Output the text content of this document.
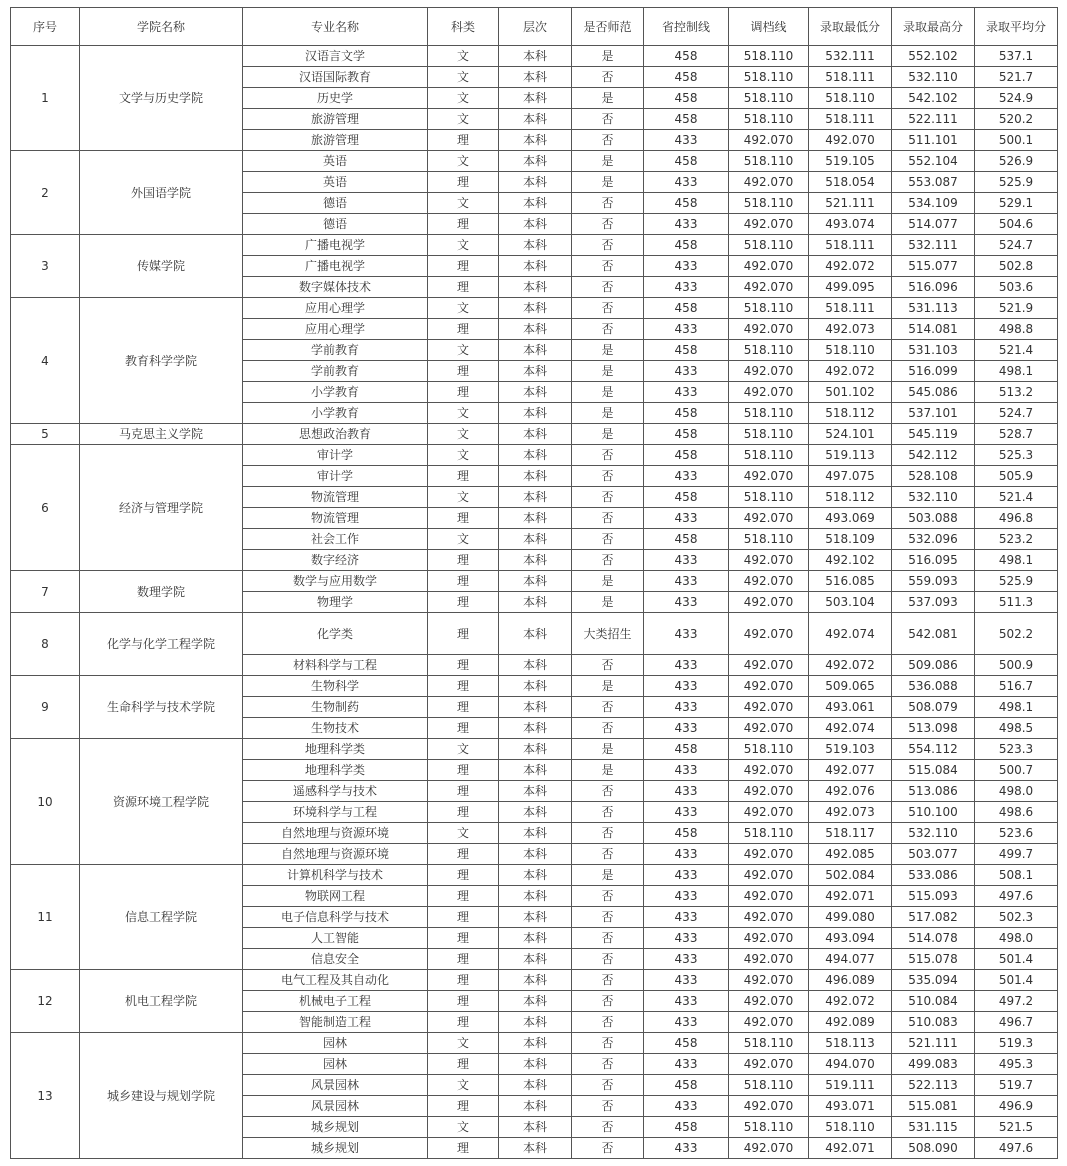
序号	学院名称	专业名称	科类	层次	是否师范	省控制线	调档线	录取最低分	录取最高分	录取平均分
1	文学与历史学院	汉语言文学	文	本科	是	458	518.110	532.111	552.102	537.1
		汉语国际教育	文	本科	否	458	518.110	518.111	532.110	521.7
		历史学	文	本科	是	458	518.110	518.110	542.102	524.9
		旅游管理	文	本科	否	458	518.110	518.111	522.111	520.2
		旅游管理	理	本科	否	433	492.070	492.070	511.101	500.1
2	外国语学院	英语	文	本科	是	458	518.110	519.105	552.104	526.9
		英语	理	本科	是	433	492.070	518.054	553.087	525.9
		德语	文	本科	否	458	518.110	521.111	534.109	529.1
		德语	理	本科	否	433	492.070	493.074	514.077	504.6
3	传媒学院	广播电视学	文	本科	否	458	518.110	518.111	532.111	524.7
		广播电视学	理	本科	否	433	492.070	492.072	515.077	502.8
		数字媒体技术	理	本科	否	433	492.070	499.095	516.096	503.6
4	教育科学学院	应用心理学	文	本科	否	458	518.110	518.111	531.113	521.9
		应用心理学	理	本科	否	433	492.070	492.073	514.081	498.8
		学前教育	文	本科	是	458	518.110	518.110	531.103	521.4
		学前教育	理	本科	是	433	492.070	492.072	516.099	498.1
		小学教育	理	本科	是	433	492.070	501.102	545.086	513.2
		小学教育	文	本科	是	458	518.110	518.112	537.101	524.7
5	马克思主义学院	思想政治教育	文	本科	是	458	518.110	524.101	545.119	528.7
6	经济与管理学院	审计学	文	本科	否	458	518.110	519.113	542.112	525.3
		审计学	理	本科	否	433	492.070	497.075	528.108	505.9
		物流管理	文	本科	否	458	518.110	518.112	532.110	521.4
		物流管理	理	本科	否	433	492.070	493.069	503.088	496.8
		社会工作	文	本科	否	458	518.110	518.109	532.096	523.2
		数字经济	理	本科	否	433	492.070	492.102	516.095	498.1
7	数理学院	数学与应用数学	理	本科	是	433	492.070	516.085	559.093	525.9
		物理学	理	本科	是	433	492.070	503.104	537.093	511.3
8	化学与化学工程学院	化学类	理	本科	大类招生	433	492.070	492.074	542.081	502.2
		材料科学与工程	理	本科	否	433	492.070	492.072	509.086	500.9
9	生命科学与技术学院	生物科学	理	本科	是	433	492.070	509.065	536.088	516.7
		生物制药	理	本科	否	433	492.070	493.061	508.079	498.1
		生物技术	理	本科	否	433	492.070	492.074	513.098	498.5
10	资源环境工程学院	地理科学类	文	本科	是	458	518.110	519.103	554.112	523.3
		地理科学类	理	本科	是	433	492.070	492.077	515.084	500.7
		遥感科学与技术	理	本科	否	433	492.070	492.076	513.086	498.0
		环境科学与工程	理	本科	否	433	492.070	492.073	510.100	498.6
		自然地理与资源环境	文	本科	否	458	518.110	518.117	532.110	523.6
		自然地理与资源环境	理	本科	否	433	492.070	492.085	503.077	499.7
11	信息工程学院	计算机科学与技术	理	本科	是	433	492.070	502.084	533.086	508.1
		物联网工程	理	本科	否	433	492.070	492.071	515.093	497.6
		电子信息科学与技术	理	本科	否	433	492.070	499.080	517.082	502.3
		人工智能	理	本科	否	433	492.070	493.094	514.078	498.0
		信息安全	理	本科	否	433	492.070	494.077	515.078	501.4
12	机电工程学院	电气工程及其自动化	理	本科	否	433	492.070	496.089	535.094	501.4
		机械电子工程	理	本科	否	433	492.070	492.072	510.084	497.2
		智能制造工程	理	本科	否	433	492.070	492.089	510.083	496.7
13	城乡建设与规划学院	园林	文	本科	否	458	518.110	518.113	521.111	519.3
		园林	理	本科	否	433	492.070	494.070	499.083	495.3
		风景园林	文	本科	否	458	518.110	519.111	522.113	519.7
		风景园林	理	本科	否	433	492.070	493.071	515.081	496.9
		城乡规划	文	本科	否	458	518.110	518.110	531.115	521.5
		城乡规划	理	本科	否	433	492.070	492.071	508.090	497.6
